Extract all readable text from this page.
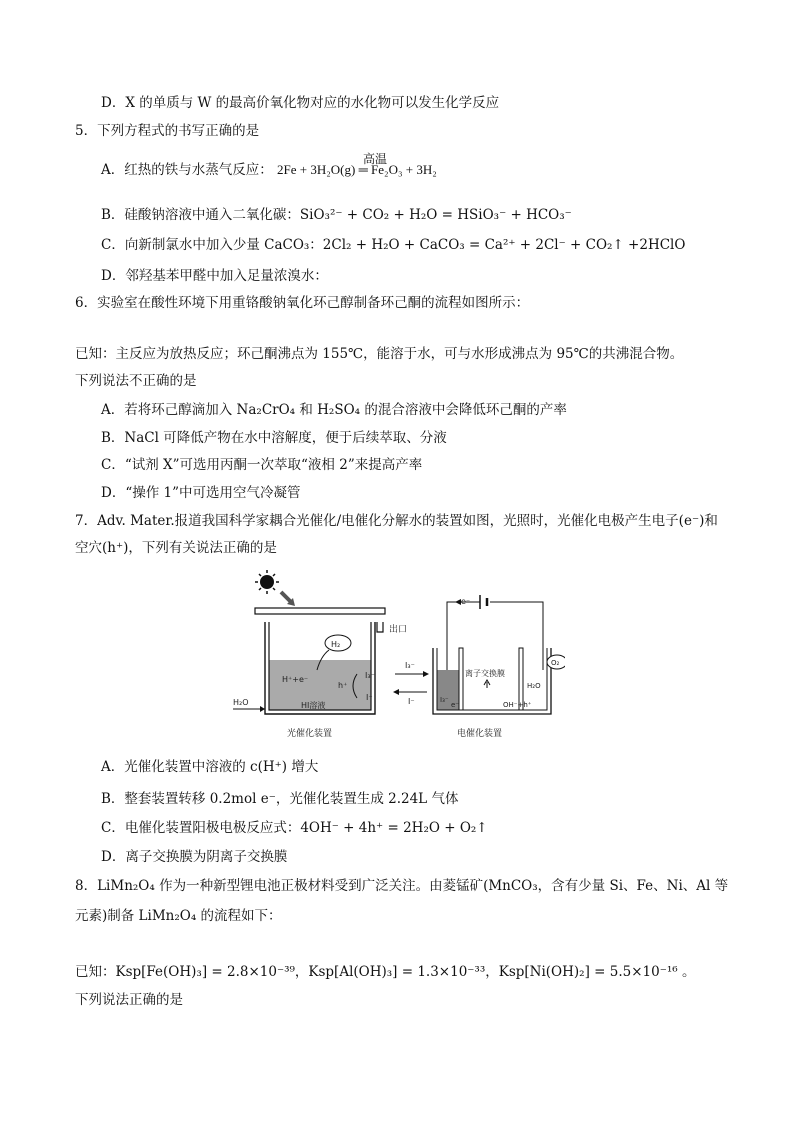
D．X 的单质与 W 的最高价氧化物对应的水化物可以发生化学反应
5．下列方程式的书写正确的是
A．红热的铁与水蒸气反应：
高温
2Fe + 3H₂O(g) ═ Fe₂O₃ + 3H₂
B．硅酸钠溶液中通入二氧化碳：SiO₃²⁻ + CO₂ + H₂O = HSiO₃⁻ + HCO₃⁻
C．向新制氯水中加入少量 CaCO₃：2Cl₂ + H₂O + CaCO₃ = Ca²⁺ + 2Cl⁻ + CO₂↑ +2HClO
D．邻羟基苯甲醛中加入足量浓溴水：
6．实验室在酸性环境下用重铬酸钠氧化环己醇制备环己酮的流程如图所示：
已知：主反应为放热反应；环己酮沸点为 155℃，能溶于水，可与水形成沸点为 95℃的共沸混合物。
下列说法不正确的是
A．若将环己醇滴加入 Na₂CrO₄ 和 H₂SO₄ 的混合溶液中会降低环己酮的产率
B．NaCl 可降低产物在水中溶解度，便于后续萃取、分液
C．“试剂 X”可选用丙酮一次萃取“液相 2”来提高产率
D．“操作 1”中可选用空气冷凝管
7．Adv. Mater.报道我国科学家耦合光催化/电催化分解水的装置如图，光照时，光催化电极产生电子(e⁻)和
空穴(h⁺)，下列有关说法正确的是
出口
H₂
H⁺+e⁻
h⁺
I₃⁻
I⁻
H₂O	HI溶液
I₃⁻
I⁻
e⁻
离子交换膜
O₂
H₂O
OH⁻+h⁺
I₃⁻
e⁻
光催化装置	电催化装置
A．光催化装置中溶液的 c(H⁺) 增大
B．整套装置转移 0.2mol e⁻，光催化装置生成 2.24L 气体
C．电催化装置阳极电极反应式：4OH⁻ + 4h⁺ = 2H₂O + O₂↑
D．离子交换膜为阴离子交换膜
8．LiMn₂O₄ 作为一种新型锂电池正极材料受到广泛关注。由菱锰矿(MnCO₃，含有少量 Si、Fe、Ni、Al 等
元素)制备 LiMn₂O₄ 的流程如下：
已知：Ksp[Fe(OH)₃] = 2.8×10⁻³⁹，Ksp[Al(OH)₃] = 1.3×10⁻³³，Ksp[Ni(OH)₂] = 5.5×10⁻¹⁶ 。
下列说法正确的是
